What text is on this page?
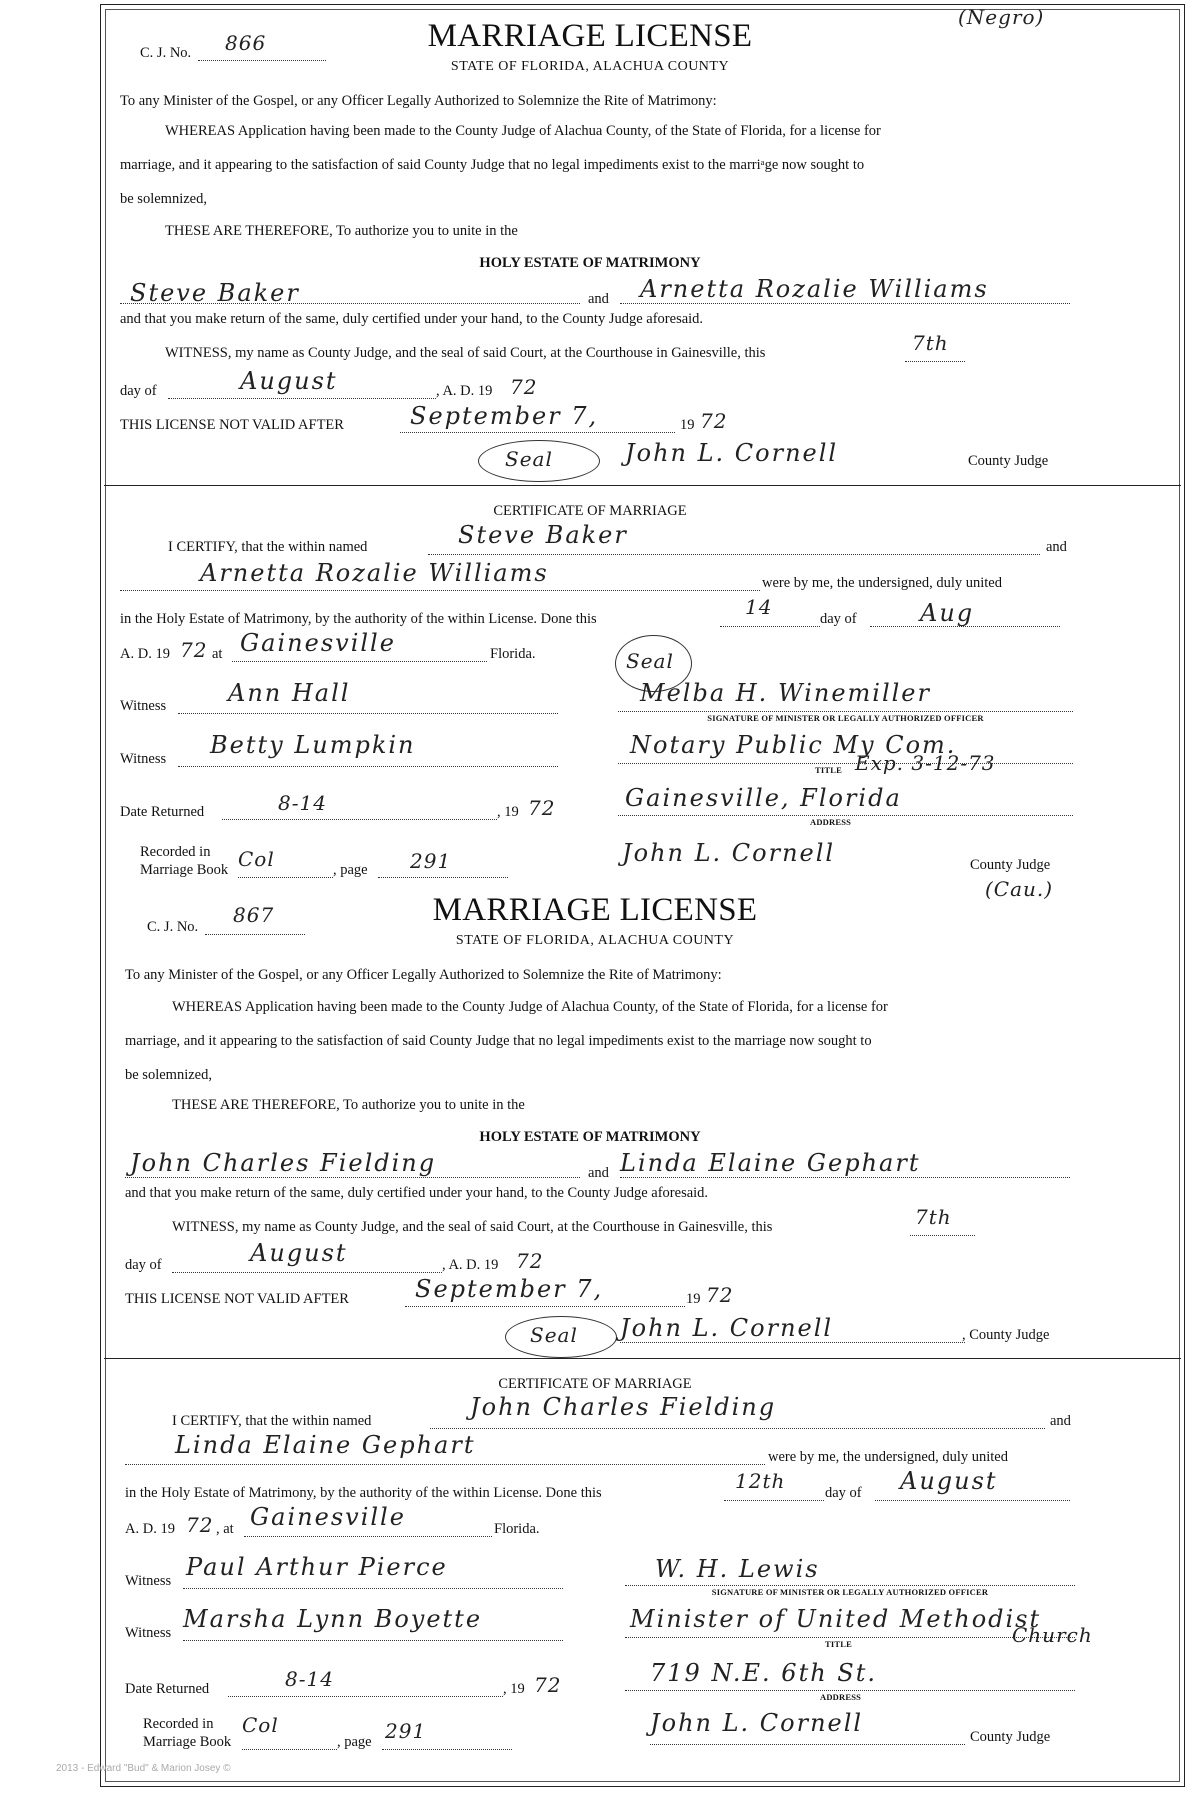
C. J. No. 866	MARRIAGE LICENSE
STATE OF FLORIDA, ALACHUA COUNTY
(Negro)
To any Minister of the Gospel, or any Officer Legally Authorized to Solemnize the Rite of Matrimony:
WHEREAS Application having been made to the County Judge of Alachua County, of the State of Florida, for a license for
marriage, and it appearing to the satisfaction of said County Judge that no legal impediments exist to the marriᵃge now sought to
be solemnized,
THESE ARE THEREFORE, To authorize you to unite in the
HOLY ESTATE OF MATRIMONY
Steve Baker	and Arnetta Rozalie Williams
and that you make return of the same, duly certified under your hand, to the County Judge aforesaid.
WITNESS, my name as County Judge, and the seal of said Court, at the Courthouse in Gainesville, this	7th
day of	August	, A. D. 19 72
THIS LICENSE NOT VALID AFTER	September 7,	19 72
Seal	John L. Cornell	County Judge
CERTIFICATE OF MARRIAGE
I CERTIFY, that the within named	Steve Baker	and
Arnetta Rozalie Williams	were by me, the undersigned, duly united
in the Holy Estate of Matrimony, by the authority of the within License. Done this	14	day of	Aug
A. D. 19 72 at Gainesville	Florida.	Seal
Witness	Ann Hall	Melba H. Winemiller
SIGNATURE OF MINISTER OR LEGALLY AUTHORIZED OFFICER
Witness Betty Lumpkin	Notary Public My Com.
Exp. 3-12-73
TITLE
Date Returned	8-14	, 19 72	Gainesville, Florida
ADDRESS
Recorded in
Marriage Book Col	, page 291	John L. Cornell	County Judge
C. J. No. 867	MARRIAGE LICENSE
STATE OF FLORIDA, ALACHUA COUNTY
(Cau.)
To any Minister of the Gospel, or any Officer Legally Authorized to Solemnize the Rite of Matrimony:
WHEREAS Application having been made to the County Judge of Alachua County, of the State of Florida, for a license for
marriage, and it appearing to the satisfaction of said County Judge that no legal impediments exist to the marriage now sought to
be solemnized,
THESE ARE THEREFORE, To authorize you to unite in the
HOLY ESTATE OF MATRIMONY
John Charles Fielding	and Linda Elaine Gephart
and that you make return of the same, duly certified under your hand, to the County Judge aforesaid.
WITNESS, my name as County Judge, and the seal of said Court, at the Courthouse in Gainesville, this	7th
day of	August	, A. D. 19 72
THIS LICENSE NOT VALID AFTER	September 7,	19 72
Seal John L. Cornell	, County Judge
CERTIFICATE OF MARRIAGE
I CERTIFY, that the within named	John Charles Fielding	and
Linda Elaine Gephart	were by me, the undersigned, duly united
in the Holy Estate of Matrimony, by the authority of the within License. Done this	12th	day of August
A. D. 19 72 , at Gainesville	Florida.
Witness Paul Arthur Pierce	W. H. Lewis
SIGNATURE OF MINISTER OR LEGALLY AUTHORIZED OFFICER
Witness Marsha Lynn Boyette	Minister of United Methodist
Church
TITLE
Date Returned	8-14	, 19 72	719 N.E. 6th St.
ADDRESS
Recorded in
Marriage Book
Col
, page 291	John L. Cornell	County Judge
2013 - Edward "Bud" & Marion Josey ©
